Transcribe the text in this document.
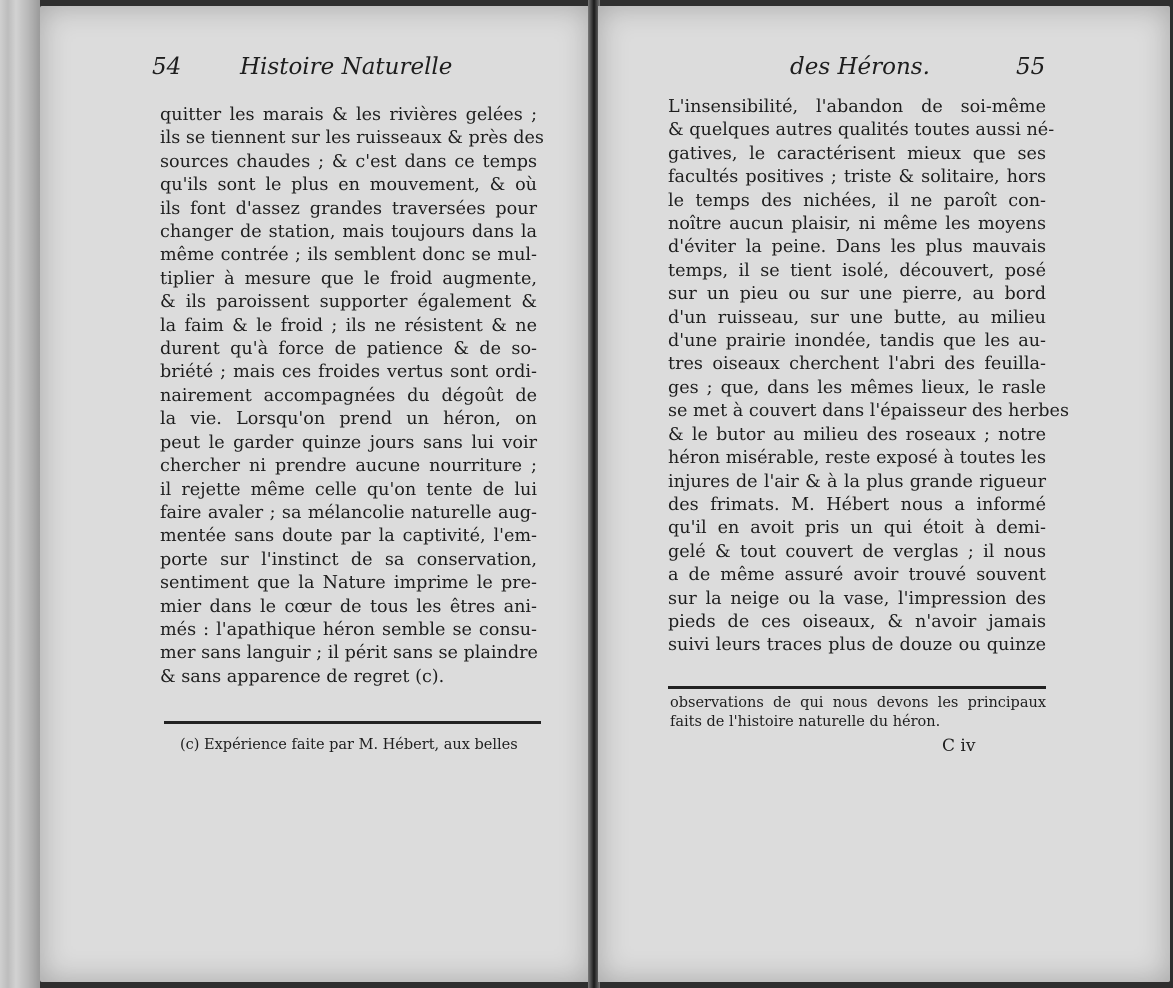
54	Histoire Naturelle
quitter les marais & les rivières gelées ;
ils se tiennent sur les ruisseaux & près des
sources chaudes ; & c'est dans ce temps
qu'ils sont le plus en mouvement, & où
ils font d'assez grandes traversées pour
changer de station, mais toujours dans la
même contrée ; ils semblent donc se mul-
tiplier à mesure que le froid augmente,
& ils paroissent supporter également &
la faim & le froid ; ils ne résistent & ne
durent qu'à force de patience & de so-
briété ; mais ces froides vertus sont ordi-
nairement accompagnées du dégoût de
la vie. Lorsqu'on prend un héron, on
peut le garder quinze jours sans lui voir
chercher ni prendre aucune nourriture ;
il rejette même celle qu'on tente de lui
faire avaler ; sa mélancolie naturelle aug-
mentée sans doute par la captivité, l'em-
porte sur l'instinct de sa conservation,
sentiment que la Nature imprime le pre-
mier dans le cœur de tous les êtres ani-
més : l'apathique héron semble se consu-
mer sans languir ; il périt sans se plaindre
& sans apparence de regret (c).
(c) Expérience faite par M. Hébert, aux belles
des Hérons.	55
L'insensibilité, l'abandon de soi-même
& quelques autres qualités toutes aussi né-
gatives, le caractérisent mieux que ses
facultés positives ; triste & solitaire, hors
le temps des nichées, il ne paroît con-
noître aucun plaisir, ni même les moyens
d'éviter la peine. Dans les plus mauvais
temps, il se tient isolé, découvert, posé
sur un pieu ou sur une pierre, au bord
d'un ruisseau, sur une butte, au milieu
d'une prairie inondée, tandis que les au-
tres oiseaux cherchent l'abri des feuilla-
ges ; que, dans les mêmes lieux, le rasle
se met à couvert dans l'épaisseur des herbes
& le butor au milieu des roseaux ; notre
héron misérable, reste exposé à toutes les
injures de l'air & à la plus grande rigueur
des frimats. M. Hébert nous a informé
qu'il en avoit pris un qui étoit à demi-
gelé & tout couvert de verglas ; il nous
a de même assuré avoir trouvé souvent
sur la neige ou la vase, l'impression des
pieds de ces oiseaux, & n'avoir jamais
suivi leurs traces plus de douze ou quinze
observations de qui nous devons les principaux
faits de l'histoire naturelle du héron.
C iv
